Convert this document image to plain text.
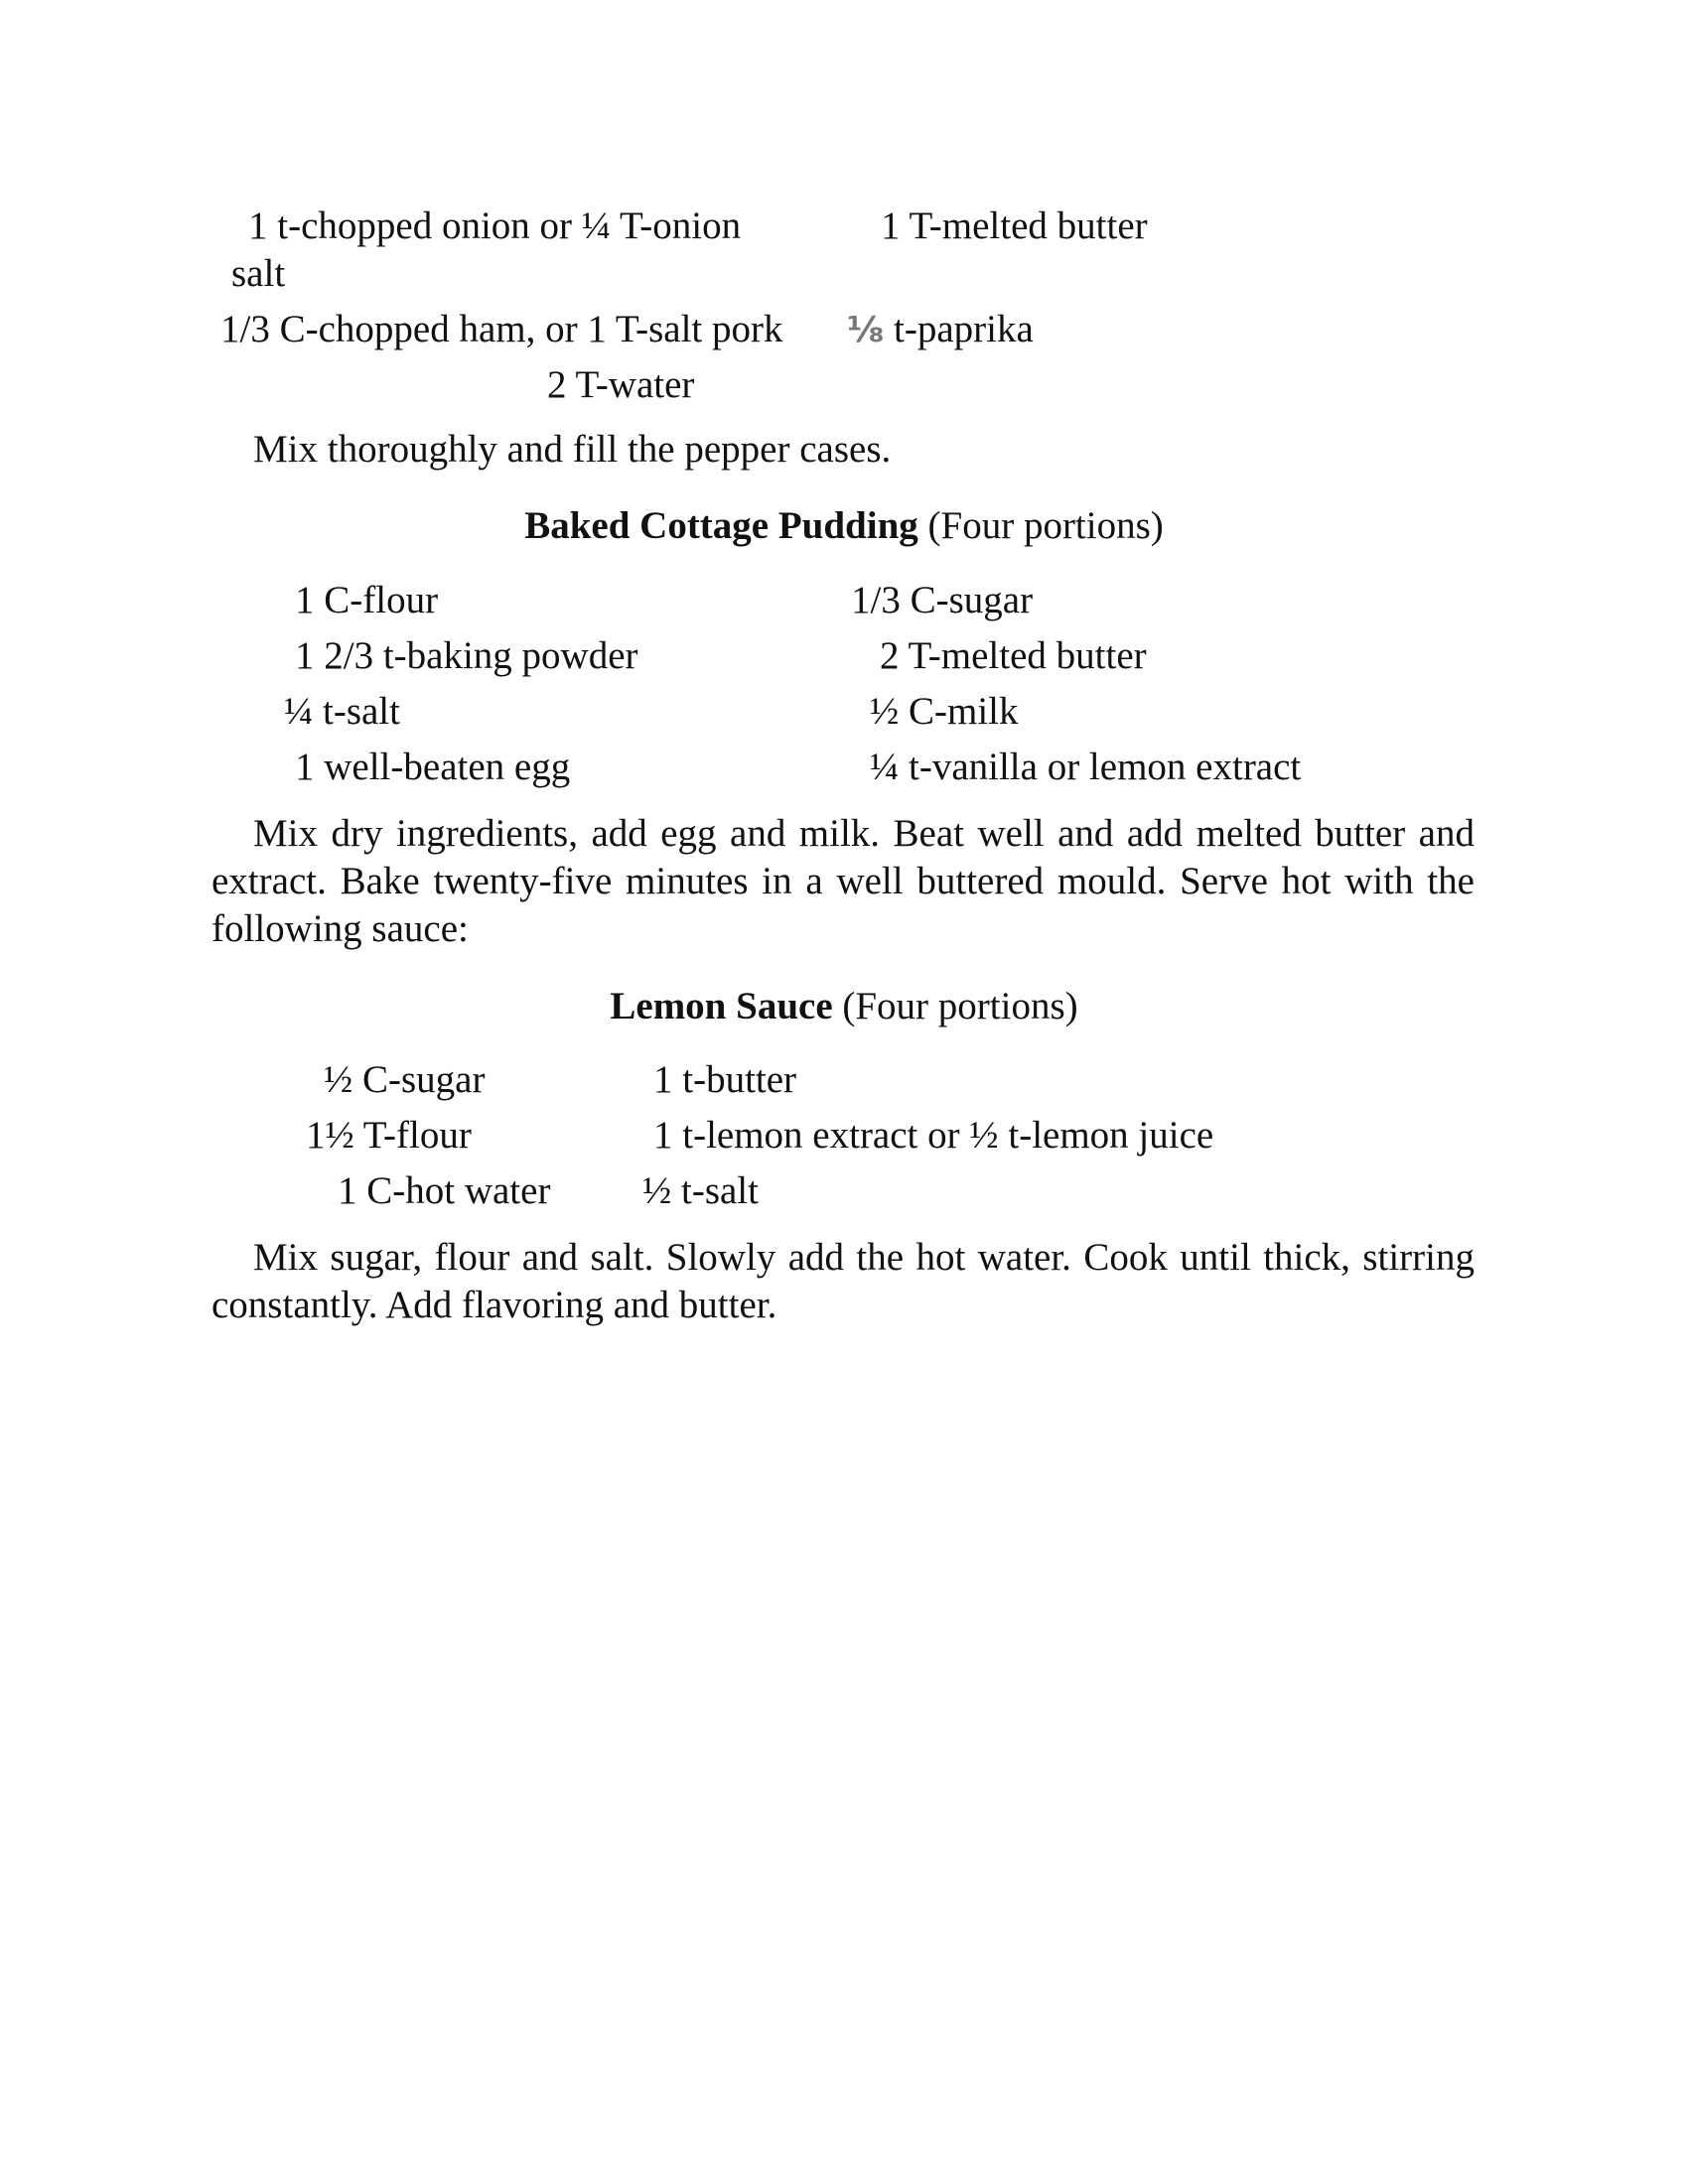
1 t-chopped onion or ¼ T-onion
salt
1 T-melted butter
1/3 C-chopped ham, or 1 T-salt pork ⅛ t-paprika
2 T-water
Mix thoroughly and fill the pepper cases.
Baked Cottage Pudding (Four portions)
1 C-flour
1 2/3 t-baking powder
¼ t-salt
1 well-beaten egg
1/3 C-sugar
2 T-melted butter
½ C-milk
¼ t-vanilla or lemon extract
Mix dry ingredients, add egg and milk. Beat well and add melted butter and extract. Bake twenty-five minutes in a well buttered mould. Serve hot with the following sauce:
Lemon Sauce (Four portions)
½ C-sugar
1½ T-flour
1 C-hot water
1 t-butter
1 t-lemon extract or ½ t-lemon juice
½ t-salt
Mix sugar, flour and salt. Slowly add the hot water. Cook until thick, stirring constantly. Add flavoring and butter.
